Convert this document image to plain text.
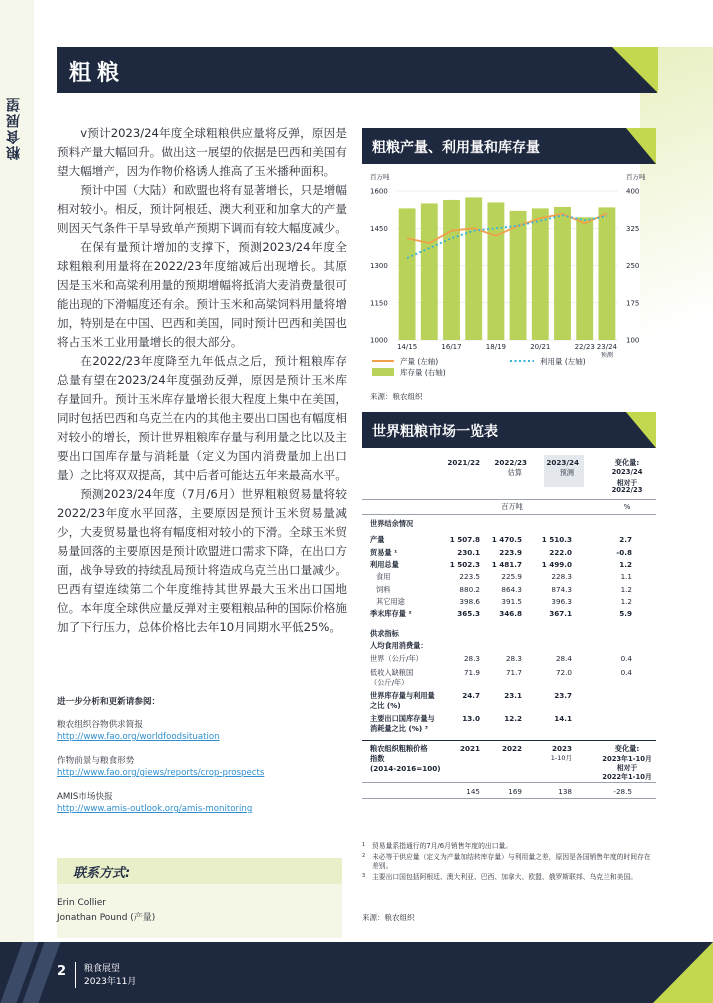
粮食展望
粗粮

v预计2023/24年度全球粗粮供应量将反弹，原因是预料产量大幅回升。做出这一展望的依据是巴西和美国有望大幅增产，因为作物价格诱人推高了玉米播种面积。

预计中国（大陆）和欧盟也将有显著增长，只是增幅相对较小。相反，预计阿根廷、澳大利亚和加拿大的产量则因天气条件干旱导致单产预期下调而有较大幅度减少。

在保有量预计增加的支撑下，预测2023/24年度全球粗粮利用量将在2022/23年度缩减后出现增长。其原因是玉米和高粱利用量的预期增幅将抵消大麦消费量很可能出现的下滑幅度还有余。预计玉米和高粱饲料用量将增加，特别是在中国、巴西和美国，同时预计巴西和美国也将占玉米工业用量增长的很大部分。

在2022/23年度降至九年低点之后，预计粗粮库存总量有望在2023/24年度强劲反弹，原因是预计玉米库存量回升。预计玉米库存量增长很大程度上集中在美国，同时包括巴西和乌克兰在内的其他主要出口国也有幅度相对较小的增长，预计世界粗粮库存量与利用量之比以及主要出口国库存量与消耗量（定义为国内消费量加上出口量）之比将双双提高，其中后者可能达五年来最高水平。

预测2023/24年度（7月/6月）世界粗粮贸易量将较2022/23年度水平回落，主要原因是预计玉米贸易量减少，大麦贸易量也将有幅度相对较小的下滑。全球玉米贸易量回落的主要原因是预计欧盟进口需求下降，在出口方面，战争导致的持续乱局预计将造成乌克兰出口量减少。巴西有望连续第二个年度维持其世界最大玉米出口国地位。本年度全球供应量反弹对主要粗粮品种的国际价格施加了下行压力，总体价格比去年10月同期水平低25%。

进一步分析和更新请参阅：
粮农组织谷物供求简报
http://www.fao.org/worldfoodsituation
作物前景与粮食形势
http://www.fao.org/giews/reports/crop-prospects
AMIS市场快报
http://www.amis-outlook.org/amis-monitoring
联系方式:
Erin Collier
Jonathan Pound (产量)
粗粮产量、利用量和库存量
百万吨	百万吨
1600	400
1450	325
1300	250
1150	175
1000	100
14/15	16/17	18/19	20/21	22/23 23/24
预测
产量 (左轴)	利用量 (左轴)
库存量 (右轴)
来源：粮农组织
世界粗粮市场一览表
2021/22	2022/23
估算
2023/24
预测
变化量:
2023/24
相对于
2022/23
百万吨	%
世界结余情况
产量	1 507.8	1 470.5	1 510.3	2.7
贸易量 ¹	230.1	223.9	222.0	-0.8
利用总量	1 502.3	1 481.7	1 499.0	1.2
食用	223.5	225.9	228.3	1.1
饲料	880.2	864.3	874.3	1.2
其它用途	398.6	391.5	396.3	1.2
季末库存量 ²	365.3	346.8	367.1	5.9
供求指标
人均食用消费量：
世界（公斤/年）	28.3	28.3	28.4	0.4
低收入缺粮国
（公斤/年）
71.9	71.7	72.0	0.4
世界库存量与利用量
之比 (%)
24.7	23.1	23.7
主要出口国库存量与
消耗量之比 (%) ³
13.0	12.2	14.1
粮农组织粗粮价格
指数
(2014-2016=100)
2021	2022	2023
1-10月
变化量:
2023年1-10月
相对于
2022年1-10月
145	169	138	-28.5
1 贸易量系指通行的7月/6月销售年度的出口量。
2 未必等于供应量（定义为产量加结转库存量）与利用量之差，原因是各国销售年度的时间存在差别。
3 主要出口国包括阿根廷、澳大利亚、巴西、加拿大、欧盟、俄罗斯联邦、乌克兰和美国。
来源：粮农组织
2 粮食展望
2023年11月
